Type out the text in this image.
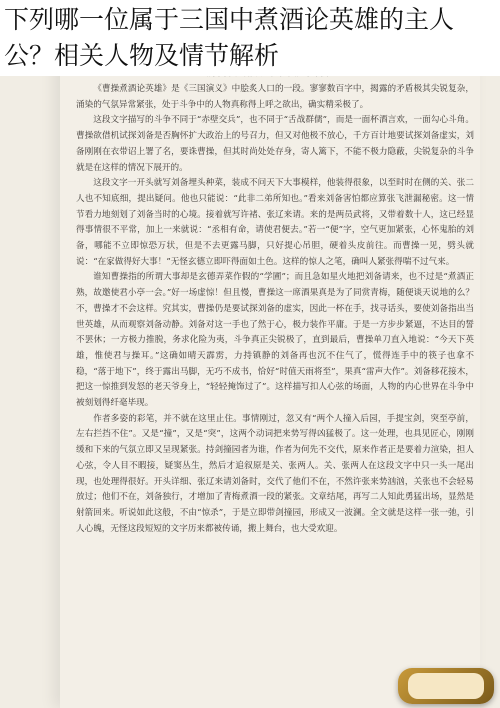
下列哪一位属于三国中煮酒论英雄的主人公？相关人物及情节解析

《曹操煮酒论英雄》是《三国演义》中脍炙人口的一段。寥寥数百字中，揭露的矛盾极其尖锐复杂，涌染的气氛异常紧张，处于斗争中的人物真称得上呼之欲出，确实精采极了。

这段文字描写的斗争不同于“赤壁交兵”，也不同于“舌战群儒”，而是一面杯酒言欢，一面勾心斗角。曹操欲借机试探刘备是否胸怀扩大政治上的号召力，但又对他极不放心，千方百计地要试探刘备虚实，刘备刚刚在衣带诏上署了名，要诛曹操，但其时尚处处存身，寄人篱下，不能不极力隐蔽，尖锐复杂的斗争就是在这样的情况下展开的。

这段文字一开头就写刘备埋头种菜，装成不问天下大事模样，他装得很象，以至时时在侧的关、张二人也不知底细，提出疑问。他也只能说：“此非二弟所知也。”看来刘备害怕都应算张飞泄漏秘密。这一情节看力地刻划了刘备当时的心境。接着就写许褚、张辽来请。来的是两员武将，又带着数十人，这已经显得事情很不平常，加上一来就说：“丞相有命，请使君便去。”若一“便”字，空气更加紧张，心怀鬼胎的刘备，哪能不立即惊恐万状，但是不去更露马脚，只好提心吊胆，硬着头皮前往。而曹操一见，劈头就说：“在家做得好大事！”无怪玄德立即吓得面如土色。这样的惊人之笔，确叫人紧张得喘不过气来。

谁知曹操指的所谓大事却是玄德弄菜作假的“学圃”；而且急如星火地把刘备请来，也不过是“煮酒正熟，故邀使君小亭一会。”好一场虚惊！但且慢，曹操这一席酒果真是为了同赏青梅，随便谈天说地的么？不，曹操才不会这样。究其实，曹操仍是要试探刘备的虚实，因此一杯在手，找寻话头，要使刘备指出当世英雄，从而观察刘备动静。刘备对这一手也了然于心，极力装作平庸。于是一方步步紧逼，不达目的誓不罢休；一方极力推脱，务求化险为夷，斗争真正尖锐极了，直到最后，曹操单刀直入地说：“今天下英雄，惟使君与操耳。”这确如晴天霹雳，力持镇静的刘备再也沉不住气了，慌得连手中的筷子也拿不稳，“落于地下”，终于露出马脚，无巧不成书，恰好“时值天雨将至”，果真“雷声大作”。刘备移花接木，把这一惊推到发怒的老天爷身上，“轻轻掩饰过了”。这样描写扣人心弦的场面，人物的内心世界在斗争中被刻划得纤毫毕现。

作者多姿的彩笔，并不就在这里止住。事情刚过，忽又有“两个人撞入后园，手提宝剑，突至亭前，左右拦挡不住”。又是“撞”，又是“突”，这两个动词把来势写得凶猛极了。这一处理，也具见匠心，刚刚缓和下来的气氛立即又呈现紧张。持剑撞园者为谁，作者为何先不交代，原来作者正是要着力渲染，担人心弦，令人目不暇接，疑窦丛生，然后才追叙原是关、张两人。关、张两人在这段文字中只一头一尾出现，也处理得很好。开头详细、张辽来请刘备时，交代了他们不在，不然许张来势汹汹，关张也不会轻易放过；他们不在，刘备独行，才增加了青梅煮酒一段的紧张。文章结尾，再写二人知此勇猛出场，显然是射箭回来。听说如此这般，不由“惊杀”，于是立即带剑撞园，形成又一波澜。全文就是这样一张一弛，引人心魄，无怪这段短短的文字历来都被传诵，搬上舞台，也大受欢迎。
